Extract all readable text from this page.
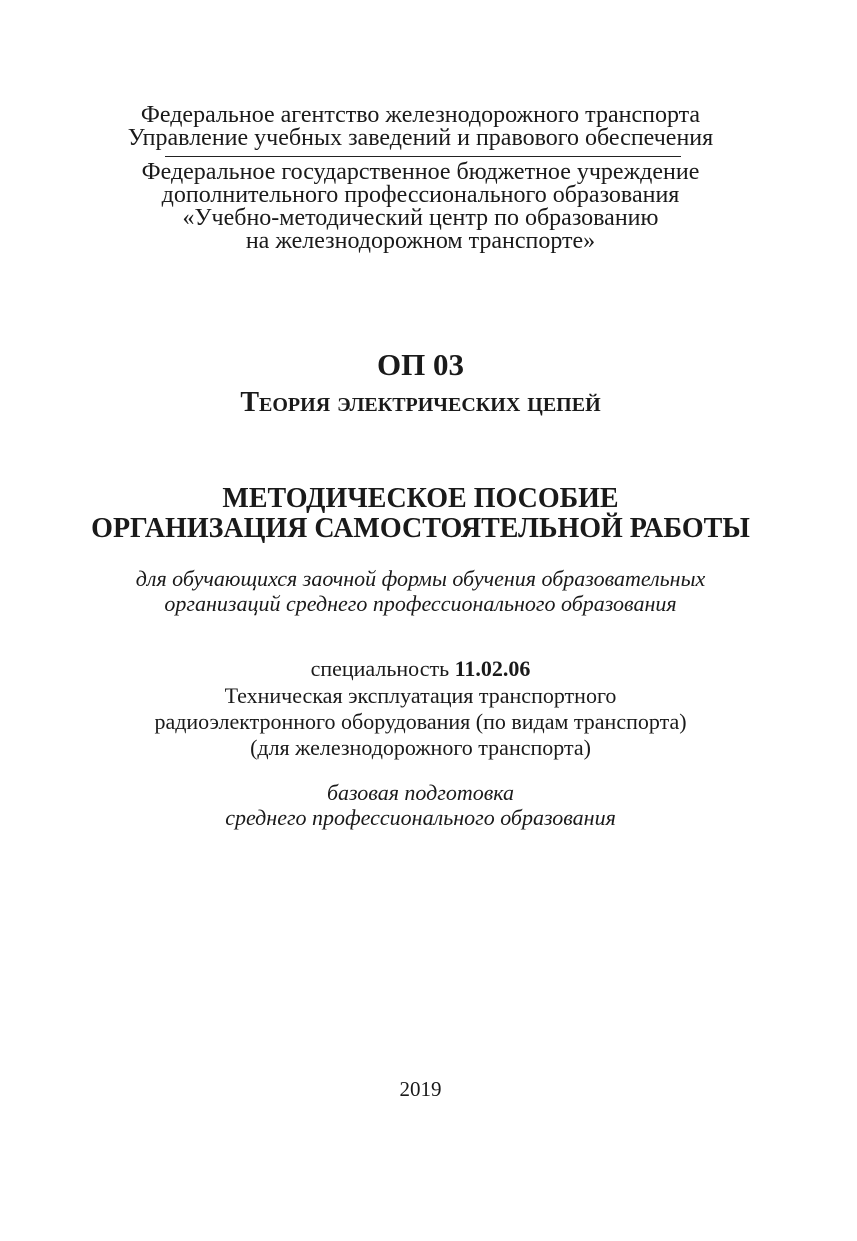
Федеральное агентство железнодорожного транспорта
Управление учебных заведений и правового обеспечения
Федеральное государственное бюджетное учреждение
дополнительного профессионального образования
«Учебно-методический центр по образованию
на железнодорожном транспорте»
ОП 03
Теория электрических цепей
МЕТОДИЧЕСКОЕ ПОСОБИЕ
ОРГАНИЗАЦИЯ САМОСТОЯТЕЛЬНОЙ РАБОТЫ
для обучающихся заочной формы обучения образовательных
организаций среднего профессионального образования
специальность 11.02.06
Техническая эксплуатация транспортного
радиоэлектронного оборудования (по видам транспорта)
(для железнодорожного транспорта)
базовая подготовка
среднего профессионального образования
2019
